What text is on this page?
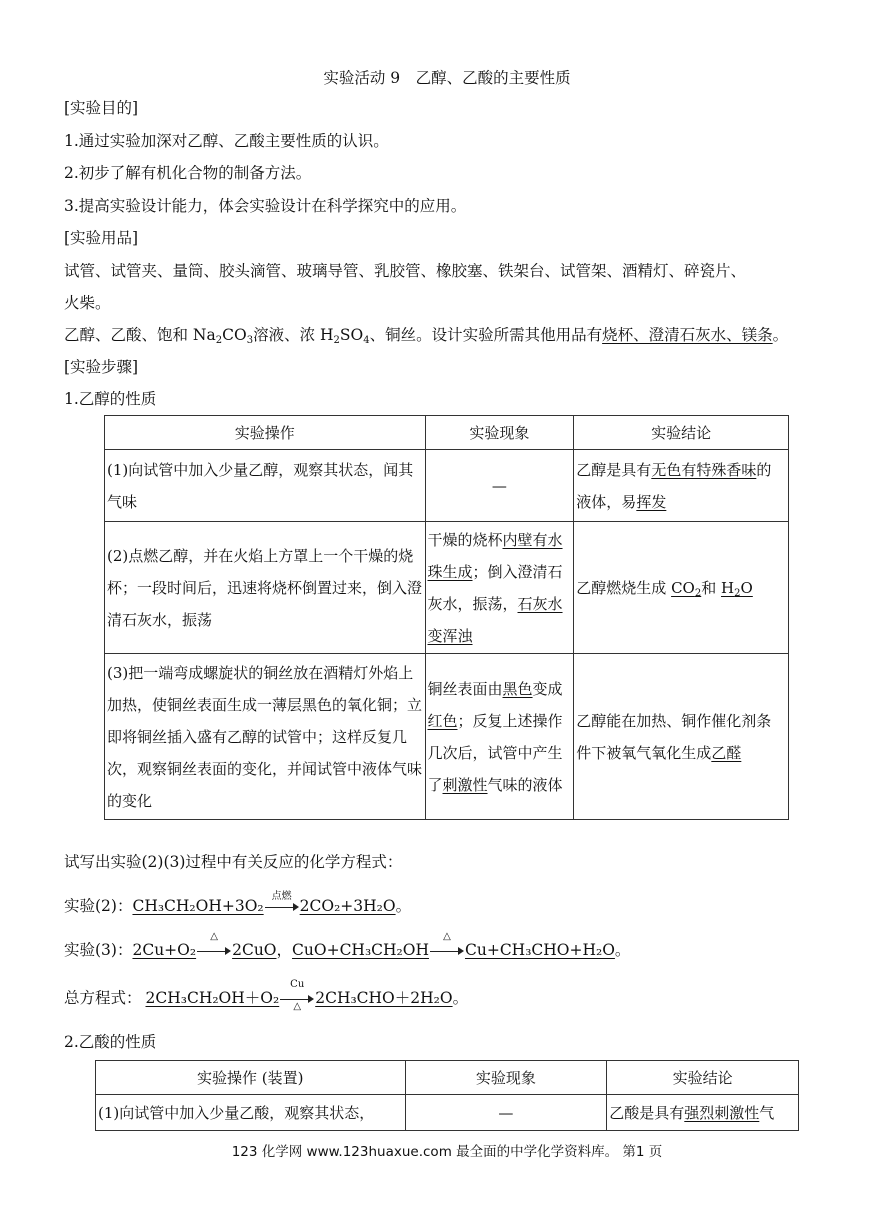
实验活动 9　乙醇、乙酸的主要性质
[实验目的]
1.通过实验加深对乙醇、乙酸主要性质的认识。
2.初步了解有机化合物的制备方法。
3.提高实验设计能力，体会实验设计在科学探究中的应用。
[实验用品]
试管、试管夹、量筒、胶头滴管、玻璃导管、乳胶管、橡胶塞、铁架台、试管架、酒精灯、碎瓷片、
火柴。
乙醇、乙酸、饱和 $Na_2CO_3$溶液、浓 $H_2SO_4$、铜丝。设计实验所需其他用品有烧杯、澄清石灰水、镁条。
[实验步骤]
1.乙醇的性质
实验操作	实验现象	实验结论
(1)向试管中加入少量乙醇，观察其状态，闻其气味	—	乙醇是具有无色有特殊香味的液体，易挥发
(2)点燃乙醇，并在火焰上方罩上一个干燥的烧杯；一段时间后，迅速将烧杯倒置过来，倒入澄清石灰水，振荡	干燥的烧杯内壁有水珠生成；倒入澄清石灰水，振荡，石灰水变浑浊	乙醇燃烧生成 $CO_2$和 $H_2O$
(3)把一端弯成螺旋状的铜丝放在酒精灯外焰上加热，使铜丝表面生成一薄层黑色的氧化铜；立即将铜丝插入盛有乙醇的试管中；这样反复几次，观察铜丝表面的变化，并闻试管中液体气味的变化	铜丝表面由黑色变成红色；反复上述操作几次后，试管中产生了刺激性气味的液体	乙醇能在加热、铜作催化剂条件下被氧气氧化生成乙醛
试写出实验(2)(3)过程中有关反应的化学方程式：
实验(2)：CH₃CH₂OH+3O₂
点燃
2CO₂+3H₂O。
实验(3)：2Cu+O₂
△
2CuO，CuO+CH₃CH₂OH
△
Cu+CH₃CHO+H₂O。
总方程式： 2CH₃CH₂OH＋O₂
Cu
△ 2CH₃CHO＋2H₂O。
2.乙酸的性质
实验操作 (装置)	实验现象	实验结论
(1)向试管中加入少量乙酸，观察其状态，	—	乙酸是具有强烈刺激性气
123 化学网 www.123huaxue.com 最全面的中学化学资料库。 第1 页
